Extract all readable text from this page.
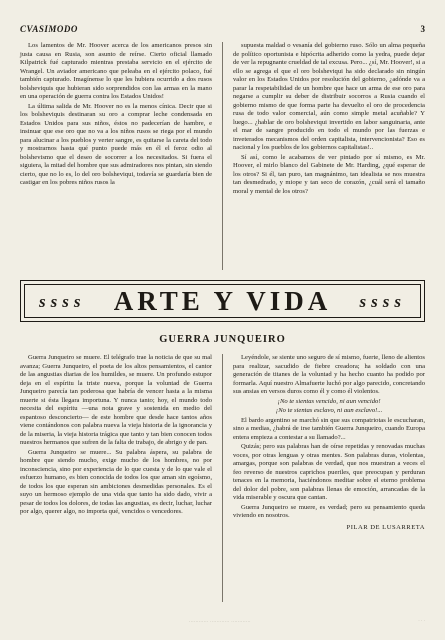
CVASIMODO	3

Los lamentos de Mr. Hoover acerca de los americanos presos sin justa causa en Rusia, son asunto de reírse. Cierto oficial llamado Kilpatrick fué capturado mientras prestaba servicio en el ejército de Wrangel. Un aviador americano que peleaba en el ejército polaco, fué también capturado. Imagínense lo que les hubiera ocurrido a dos rusos bolsheviquis que hubieran sido sorprendidos con las armas en la mano en una operación de guerra contra los Estados Unidos!

La última salida de Mr. Hoover no es la menos cínica. Decir que si los bolsheviquis destinaran su oro a comprar leche condensada en Estados Unidos para sus niños, éstos no padecerían de hambre, e insinuar que ese oro que no va a los niños rusos se riega por el mundo para alucinar a los pueblos y verter sangre, es quitarse la careta del todo y mostrarnos hasta qué punto puede más en él el feroz odio al bolshevismo que el deseo de socorrer a los necesitados. Si fuera el siguiera, la mitad del hombre que sus admiradores nos pintan, sin siendo cierto, que no lo es, lo del oro bolsheviqui, todavía se guardaría bien de castigar en los pobres niños rusos la

supuesta maldad o vesanía del gobierno ruso. Sólo un alma pequeña de político oportunista e hipócrita adherido como la yedra, puede dejar de ver la repugnante crueldad de tal excusa. Pero... ¿sí, Mr. Hoover!, si a ello se agrega el que el oro bolsheviqui ha sido declarado sin ningún valor en los Estados Unidos por resolución del gobierno, ¿adónde va a parar la respetabilidad de un hombre que hace un arma de ese oro para negarse a cumplir su deber de distribuir socorros a Rusia cuando el gobierno mismo de que forma parte ha devuelto el oro de procedencia rusa de todo valor comercial, aún como simple metal acuñable? Y luego... ¿hablar de oro bolsheviqui invertido en labor sanguinaria, ante el mar de sangre producido en todo el mundo por las fuerzas e inveterados mecanismos del orden capitalista, intervencionista? Eso es nacional y los pueblos de los gobiernos capitalistas!..

Sí así, como le acabamos de ver pintado por sí mismo, es Mr. Hoover, el mirlo blanco del Gabinete de Mr. Harding, ¿qué esperar de los otros? Si él, tan puro, tan magnánimo, tan idealista se nos muestra tan desmedrado, y miope y tan seco de corazón, ¿cuál será el tamaño moral y mental de los otros?

ssss ARTE Y VIDA ssss
GUERRA JUNQUEIRO

Guerra Junqueiro se muere. El telégrafo trae la noticia de que su mal avanza; Guerra Junqueiro, el poeta de los altos pensamientos, el cantor de las angustias diarias de los humildes, se muere. Un profundo estupor deja en el espíritu la triste nueva, porque la voluntad de Guerra Junqueiro parecía tan poderosa que habría de vencer hasta a la misma muerte si ésta llegara importuna. Y nunca tanto; hoy, el mundo todo necesita del espíritu —una nota grave y sostenida en medio del espantoso desconcierto— de este hombre que desde hace tantos años viene contándonos con palabra nueva la vieja historia de la ignorancia y de la miseria, la vieja historia trágica que tanto y tan bien conocen todos nuestros hermanos que sufren de la falta de trabajo, de abrigo y de pan.

Guerra Junqueiro se muere... Su palabra áspera, su palabra de hombre que siendo mucho, exige mucho de los hombres, no por inconsciencia, sino por experiencia de lo que cuesta y de lo que vale el esfuerzo humano, es bien conocida de todos los que aman sin egoísmo, de todos los que esperan sin ambiciones desmedidas personales. Es el suyo un hermoso ejemplo de una vida que tanto ha sido dado, vivir a pesar de todos los dolores, de todas las angustias, es decir, luchar, luchar por algo, querer algo, no importa qué, vencidos o vencedores.

Leyéndole, se siente uno seguro de sí mismo, fuerte, lleno de alientos para realizar, sacudido de fiebre creadora; ha soldado con una generación de titanes de la voluntad y ha hecho cuanto ha podido por formarla. Aquí nuestro Almafuerte luchó por algo parecido, concretando sus ansias en versos duros como él y como él violentos.

¡No te sientas vencido, ni aun vencido!

¡No te sientas esclavo, ni aun esclavo!...

El bardo argentino se marchó sin que sus compatriotas le escucharan, sino a medias, ¿habrá de irse también Guerra Junqueiro, cuando Europa entera empieza a contestar a su llamado?...

Quizás; pero sus palabras han de oírse repetidas y renovadas muchas voces, por otras lenguas y otras mentes. Son palabras duras, violentas, amargas, porque son palabras de verdad, que nos muestran a veces el feo reverso de nuestros caprichos pueriles, que preocupan y perduran tenaces en la memoria, haciéndonos meditar sobre el eterno problema del dolor del pobre, son palabras llenas de emoción, arrancadas de la vida miserable y oscura que cantan.

Guerra Junqueiro se muere, es verdad; pero su pensamiento queda viviendo en nosotros.

PILAR DE LUSARRETA
............ ............ ............	· · ·
